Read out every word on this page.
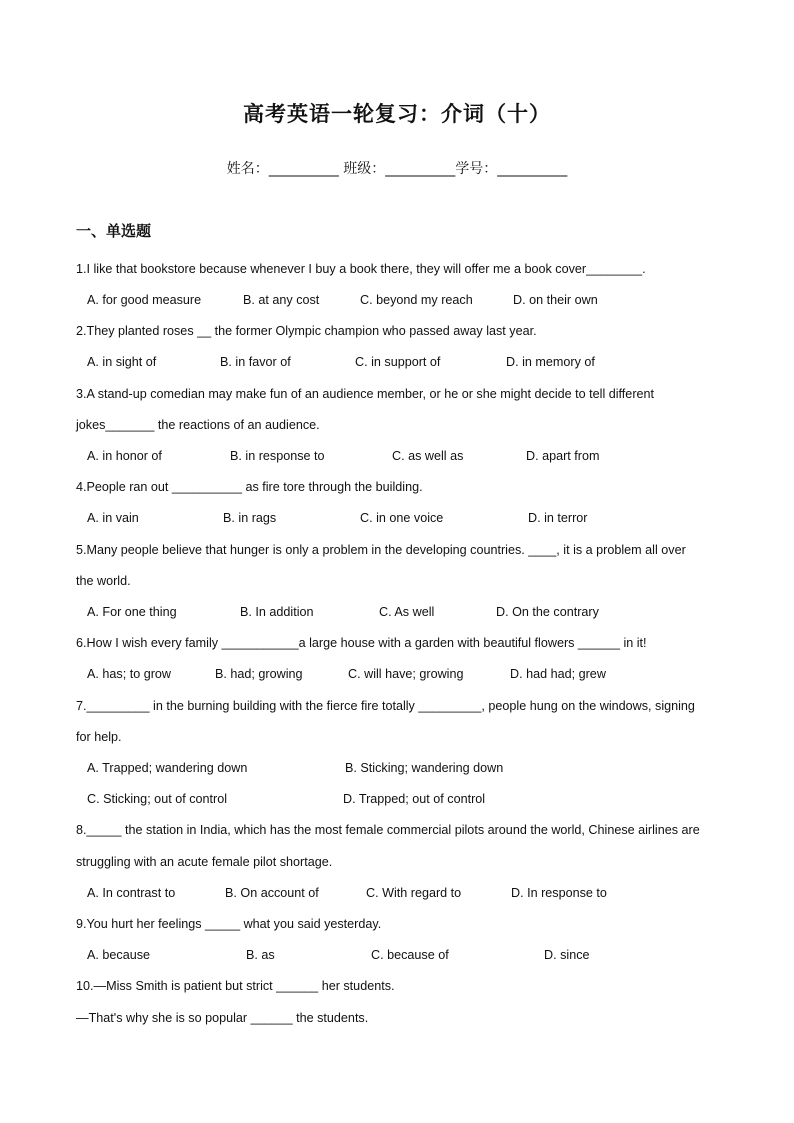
高考英语一轮复习：介词（十）
姓名：__________ 班级：__________学号：__________
一、单选题
1.I like that bookstore because whenever I buy a book there, they will offer me a book cover________.
A. for good measure	B. at any cost	C. beyond my reach	D. on their own
2.They planted roses __ the former Olympic champion who passed away last year.
A. in sight of	B. in favor of	C. in support of	D. in memory of
3.A stand-up comedian may make fun of an audience member, or he or she might decide to tell different
jokes_______ the reactions of an audience.
A. in honor of	B. in response to	C. as well as	D. apart from
4.People ran out __________ as fire tore through the building.
A. in vain	B. in rags	C. in one voice	D. in terror
5.Many people believe that hunger is only a problem in the developing countries. ____, it is a problem all over
the world.
A. For one thing	B. In addition	C. As well	D. On the contrary
6.How I wish every family ___________a large house with a garden with beautiful flowers ______ in it!
A. has; to grow	B. had; growing	C. will have; growing	D. had had; grew
7._________ in the burning building with the fierce fire totally _________, people hung on the windows, signing
for help.
A. Trapped; wandering down	B. Sticking; wandering down
C. Sticking; out of control	D. Trapped; out of control
8._____ the station in India, which has the most female commercial pilots around the world, Chinese airlines are
struggling with an acute female pilot shortage.
A. In contrast to	B. On account of	C. With regard to	D. In response to
9.You hurt her feelings _____ what you said yesterday.
A. because	B. as	C. because of	D. since
10.—Miss Smith is patient but strict ______ her students.
—That's why she is so popular ______ the students.
